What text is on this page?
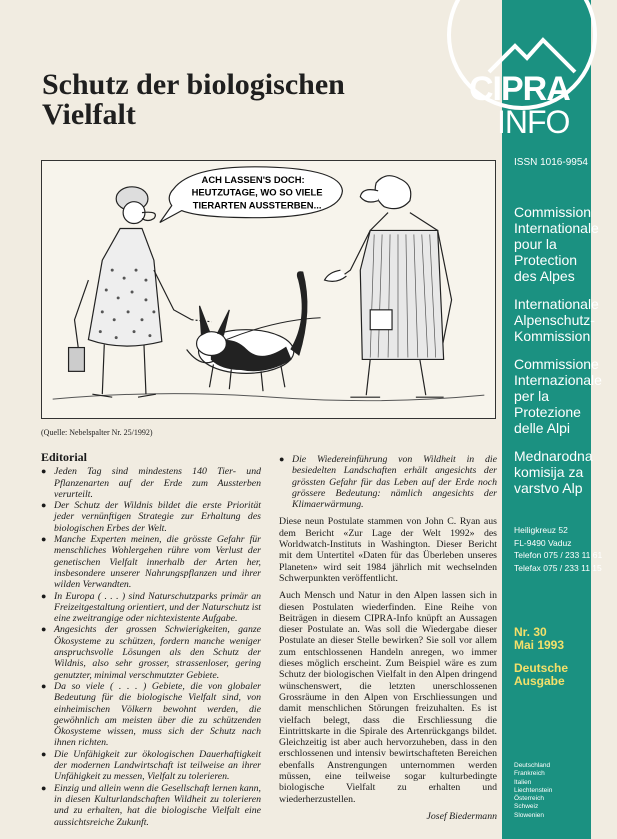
Schutz der biologischen
Vielfalt
ACH LASSEN'S DOCH:
HEUTZUTAGE, WO SO VIELE
TIERARTEN AUSSTERBEN...
(Quelle: Nebelspalter Nr. 25/1992)
Editorial
● Jeden Tag sind mindestens 140 Tier- und Pflanzenarten auf der Erde zum Aussterben verurteilt.
● Der Schutz der Wildnis bildet die erste Priorität jeder vernünftigen Strategie zur Erhaltung des biologischen Erbes der Welt.
● Manche Experten meinen, die grösste Gefahr für menschliches Wohlergehen rühre vom Verlust der genetischen Vielfalt innerhalb der Arten her, insbesondere unserer Nahrungspflanzen und ihrer wilden Verwandten.
● In Europa ( . . . ) sind Naturschutzparks primär an Freizeitgestaltung orientiert, und der Naturschutz ist eine zweitrangige oder nichtexistente Aufgabe.
● Angesichts der grossen Schwierigkeiten, ganze Ökosysteme zu schützen, fordern manche weniger anspruchsvolle Lösungen als den Schutz der Wildnis, also sehr grosser, strassenloser, gering genutzter, minimal verschmutzter Gebiete.
● Da so viele ( . . . ) Gebiete, die von globaler Bedeutung für die biologische Vielfalt sind, von einheimischen Völkern bewohnt werden, die gewöhnlich am meisten über die zu schützenden Ökosysteme wissen, muss sich der Schutz nach ihnen richten.
● Die Unfähigkeit zur ökologischen Dauerhaftigkeit der modernen Landwirtschaft ist teilweise an ihrer Unfähigkeit zu messen, Vielfalt zu tolerieren.
● Einzig und allein wenn die Gesellschaft lernen kann, in diesen Kulturlandschaften Wildheit zu tolerieren und zu erhalten, hat die biologische Vielfalt eine aussichtsreiche Zukunft.
● Die Wiedereinführung von Wildheit in die besiedelten Landschaften erhält angesichts der grössten Gefahr für das Leben auf der Erde noch grössere Bedeutung: nämlich angesichts der Klimaerwärmung.

Diese neun Postulate stammen von John C. Ryan aus dem Bericht «Zur Lage der Welt 1992» des Worldwatch-Instituts in Washington. Dieser Bericht mit dem Untertitel «Daten für das Überleben unseres Planeten» wird seit 1984 jährlich mit wechselnden Schwerpunkten veröffentlicht.

Auch Mensch und Natur in den Alpen lassen sich in diesen Postulaten wiederfinden. Eine Reihe von Beiträgen in diesem CIPRA-Info knüpft an Aussagen dieser Postulate an. Was soll die Wiedergabe dieser Postulate an dieser Stelle bewirken? Sie soll vor allem zum entschlossenen Handeln anregen, wo immer dieses möglich erscheint. Zum Beispiel wäre es zum Schutz der biologischen Vielfalt in den Alpen dringend wünschenswert, die letzten unerschlossenen Grossräume in den Alpen von Erschliessungen und damit menschlichen Störungen freizuhalten. Es ist vielfach belegt, dass die Erschliessung die Eintrittskarte in die Spirale des Artenrückgangs bildet. Gleichzeitig ist aber auch hervorzuheben, dass in den erschlossenen und intensiv bewirtschafteten Bereichen ebenfalls Anstrengungen unternommen werden müssen, eine teilweise sogar kulturbedingte biologische Vielfalt zu erhalten und wiederherzustellen.

Josef Biedermann
CIPRA
INFO
ISSN 1016-9954
Commission
Internationale
pour la
Protection
des Alpes
Internationale
Alpenschutz-
Kommission
Commissione
Internazionale
per la
Protezione
delle Alpi
Mednarodna
komisija za
varstvo Alp
Heiligkreuz 52
FL-9490 Vaduz
Telefon 075 / 233 11 61
Telefax 075 / 233 11 15
Nr. 30
Mai 1993
Deutsche
Ausgabe
Deutschland
Frankreich
Italien
Liechtenstein
Österreich
Schweiz
Slowenien
